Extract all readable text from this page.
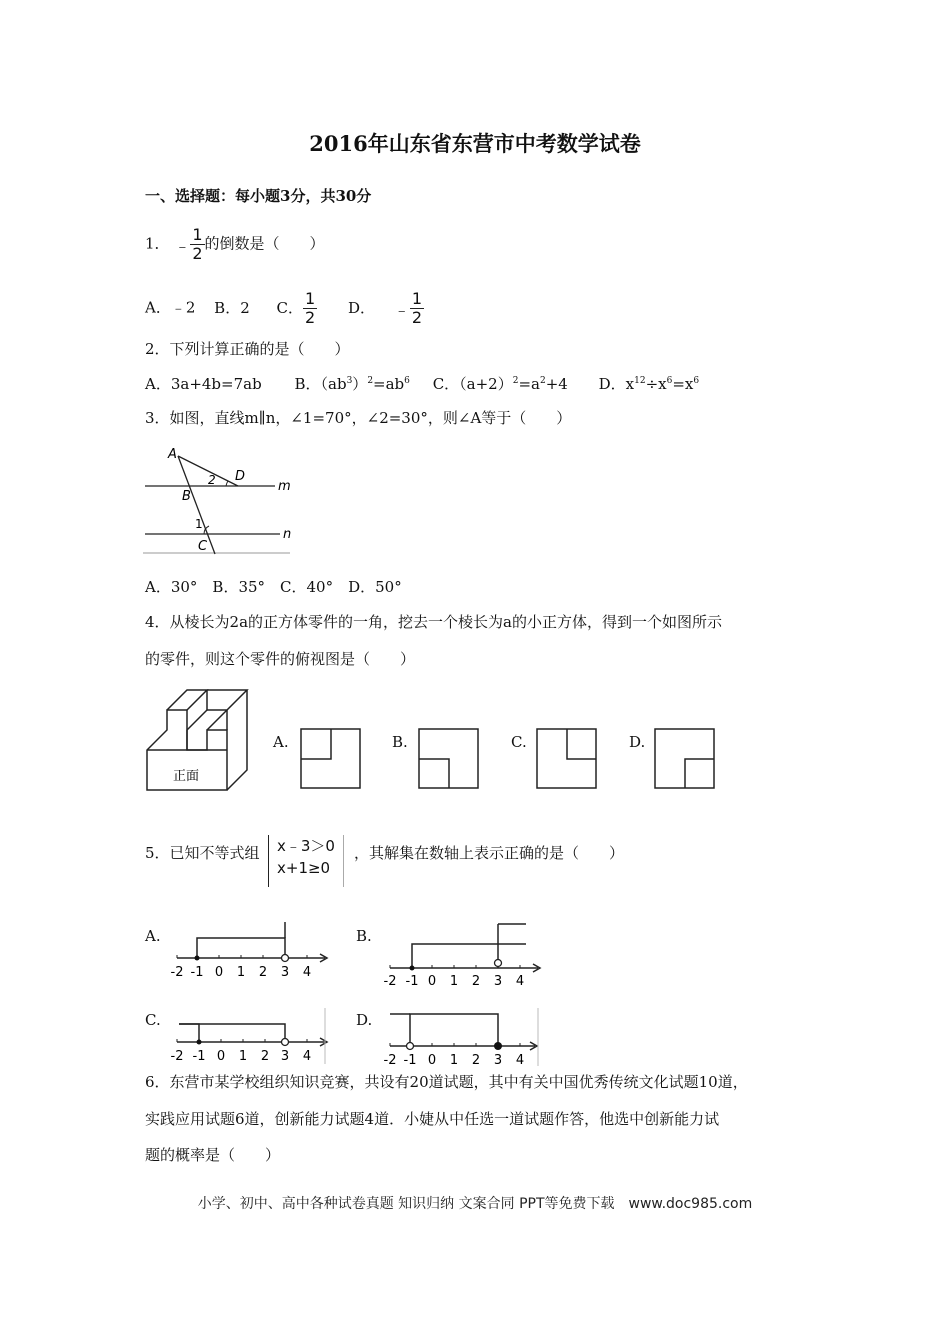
2016年山东省东营市中考数学试卷
一、选择题：每小题3分，共30分
1． ﹣ $\frac{1}{2}$ 的倒数是（　　）
A．﹣2 B．2 C． $\frac{1}{2}$ D． ﹣ $\frac{1}{2}$
2．下列计算正确的是（　　）
A．3a+4b=7ab B．$(ab^3)^2=ab^6$ C．$(a+2)^2=a^2+4$ D．$x^{12}\div x^6=x^6$
3．如图，直线m∥n，∠1=70°，∠2=30°，则∠A等于（　　）
A
B
C
D
m
n
1
2
A．30°　B．35°　C．40°　D．50°
4．从棱长为2a的正方体零件的一角，挖去一个棱长为a的小正方体，得到一个如图所示
的零件，则这个零件的俯视图是（　　）
正面
A.	B.	C.	D.
5．已知不等式组 x﹣3＞0
x+1≥0
，其解集在数轴上表示正确的是（　　）
A.
-2 -1 0 1 2 3 4
B.
-2 -1 0 1 2 3 4
C.
-2 -1 0 1 2 3 4
D.
-2 -1 0 1 2 3 4
6．东营市某学校组织知识竞赛，共设有20道试题，其中有关中国优秀传统文化试题10道，
实践应用试题6道，创新能力试题4道．小婕从中任选一道试题作答，他选中创新能力试
题的概率是（　　）
小学、初中、高中各种试卷真题 知识归纳 文案合同 PPT等免费下载　www.doc985.com
